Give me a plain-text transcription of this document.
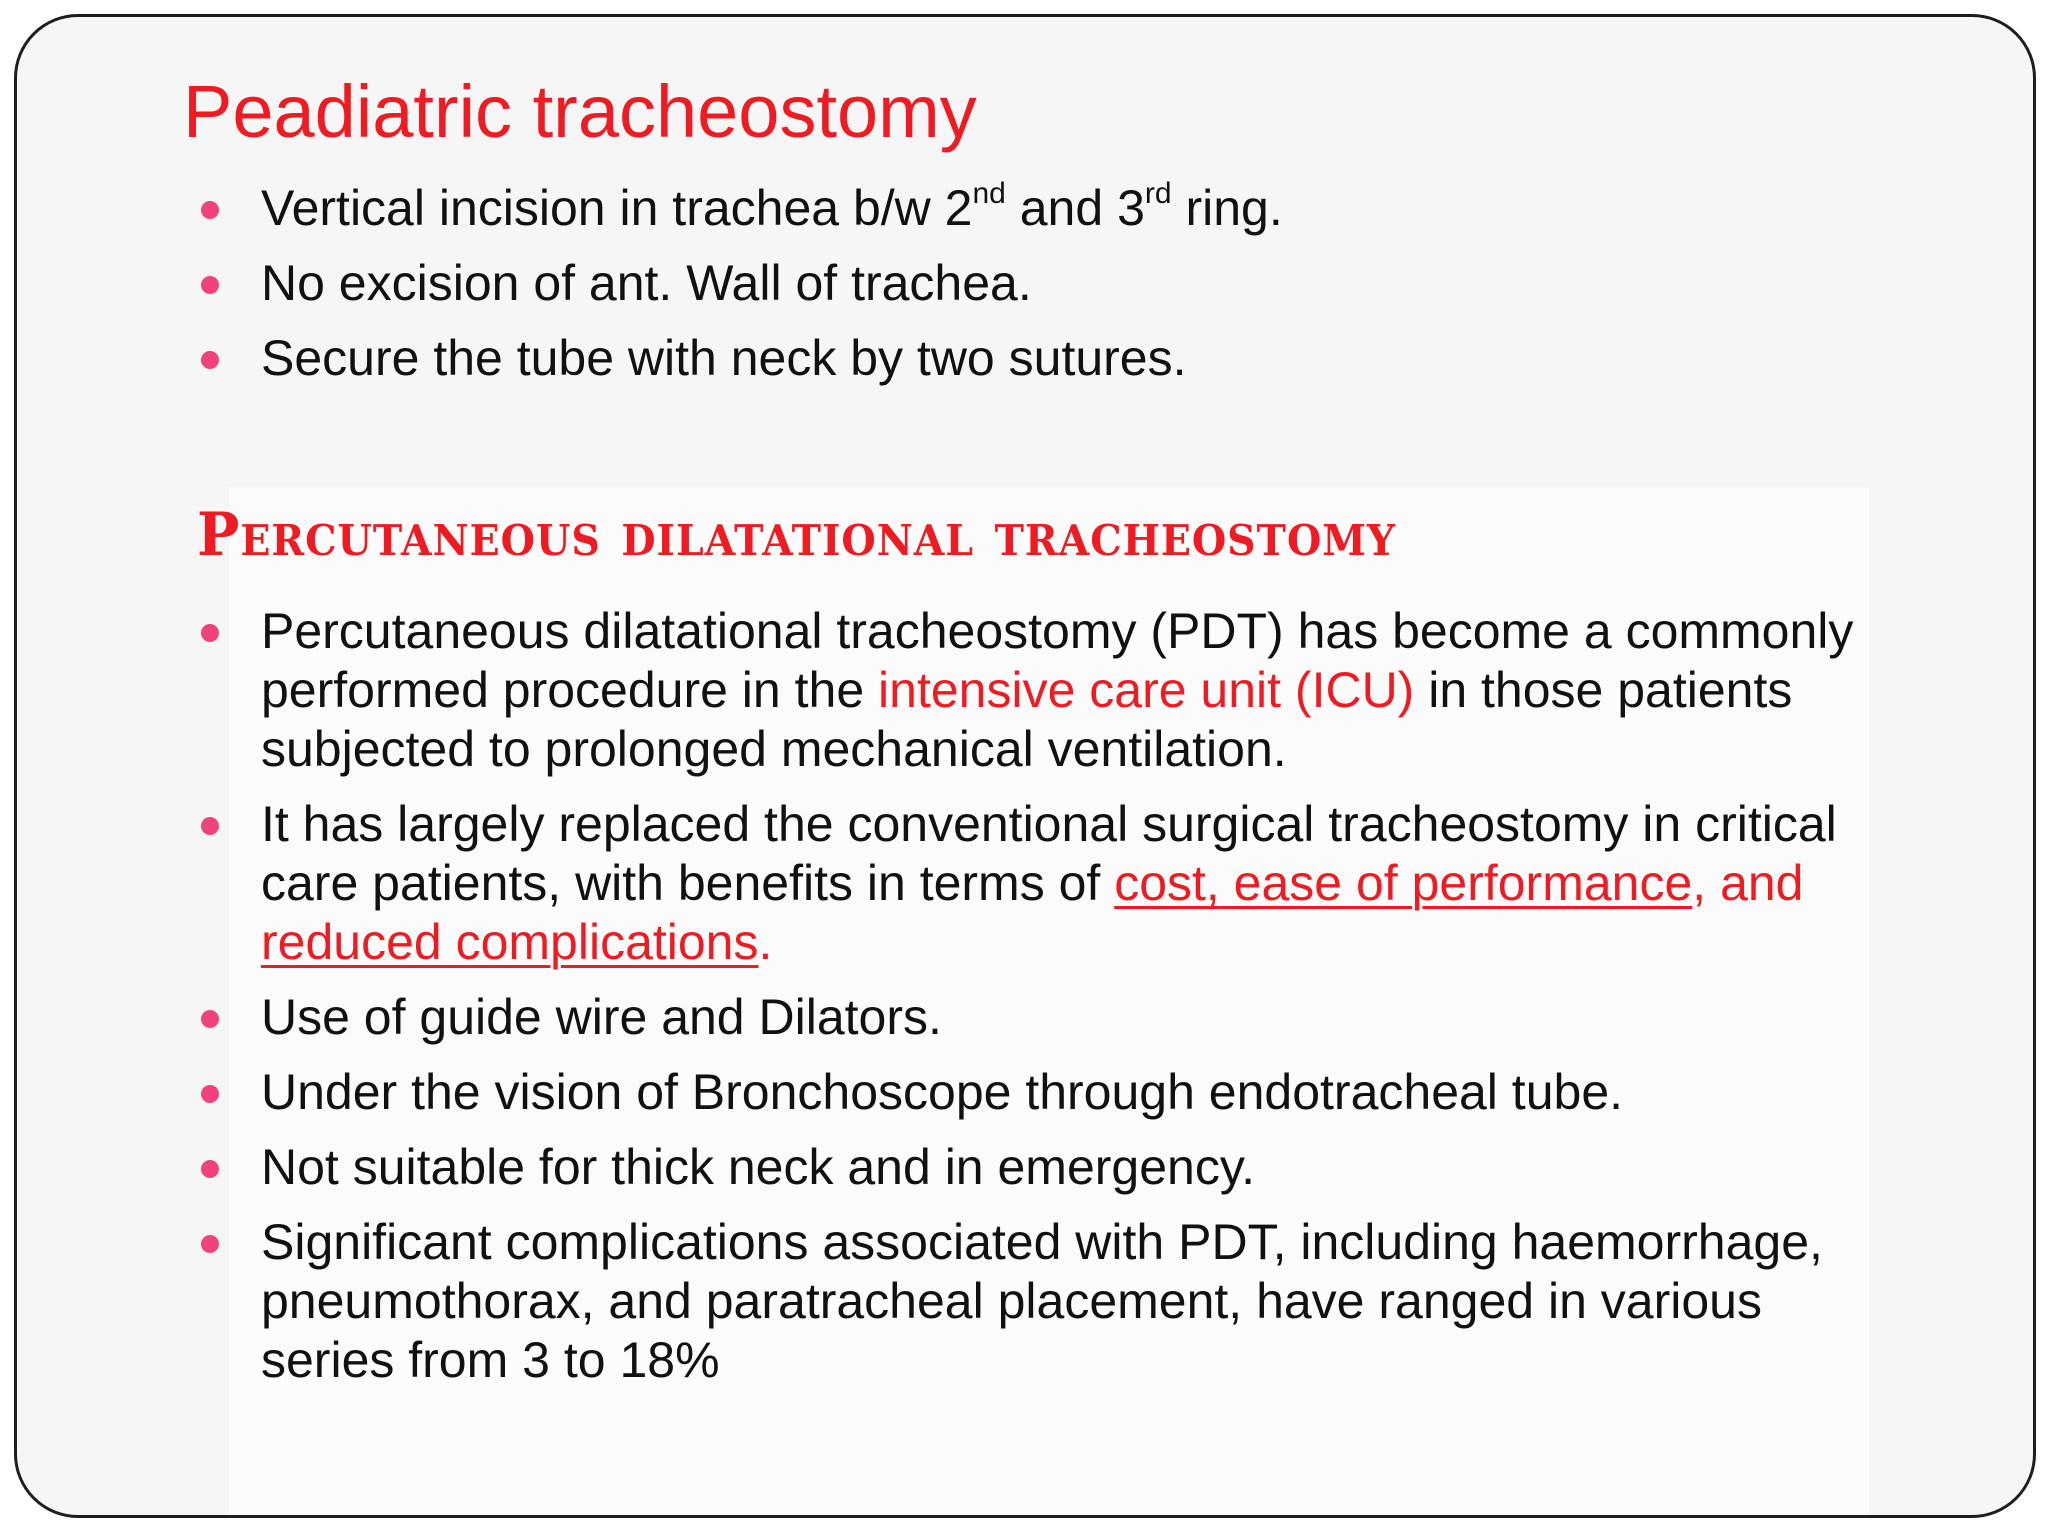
Peadiatric tracheostomy
Vertical incision in trachea b/w 2nd and 3rd ring.
No excision of ant. Wall of trachea.
Secure the tube with neck by two sutures.
Percutaneous dilatational tracheostomy
Percutaneous dilatational tracheostomy (PDT) has become a commonly performed procedure in the intensive care unit (ICU) in those patients subjected to prolonged mechanical ventilation.
It has largely replaced the conventional surgical tracheostomy in critical care patients, with benefits in terms of cost, ease of performance, and reduced complications.
Use of guide wire and Dilators.
Under the vision of Bronchoscope through endotracheal tube.
Not suitable for thick neck and in emergency.
Significant complications associated with PDT, including haemorrhage, pneumothorax, and paratracheal placement, have ranged in various series from 3 to 18%
